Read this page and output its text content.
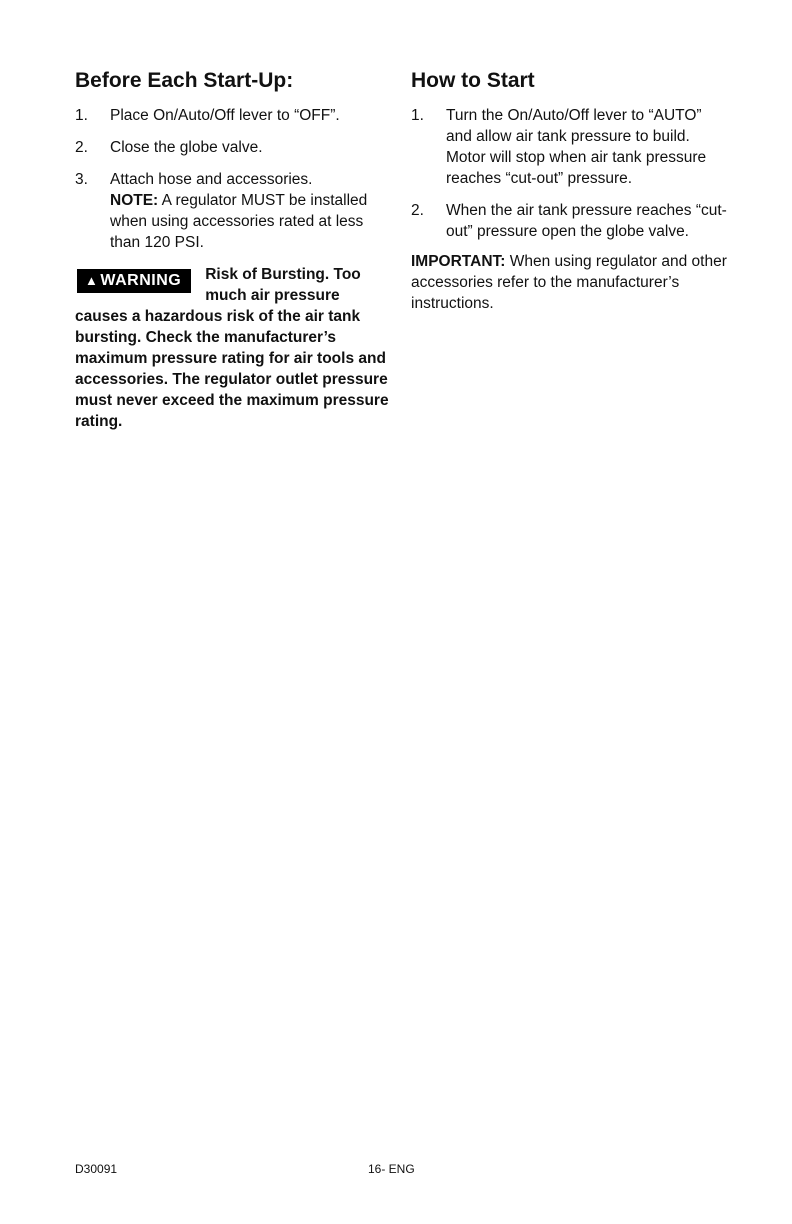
Before Each Start-Up:
1. Place On/Auto/Off lever to “OFF”.
2. Close the globe valve.
3. Attach hose and accessories.
NOTE: A regulator MUST be installed when using accessories rated at less than 120 PSI.
▲ WARNING	Risk of Bursting. Too much air pressure causes a hazardous risk of the air tank bursting. Check the manufacturer’s maximum pressure rating for air tools and accessories. The regulator outlet pressure must never exceed the maximum pressure rating.
How to Start
1. Turn the On/Auto/Off lever to “AUTO” and allow air tank pressure to build. Motor will stop when air tank pressure reaches “cut-out” pressure.
2. When the air tank pressure reaches “cut-out” pressure open the globe valve.
IMPORTANT: When using regulator and other accessories refer to the manufacturer’s instructions.
D30091	16- ENG
